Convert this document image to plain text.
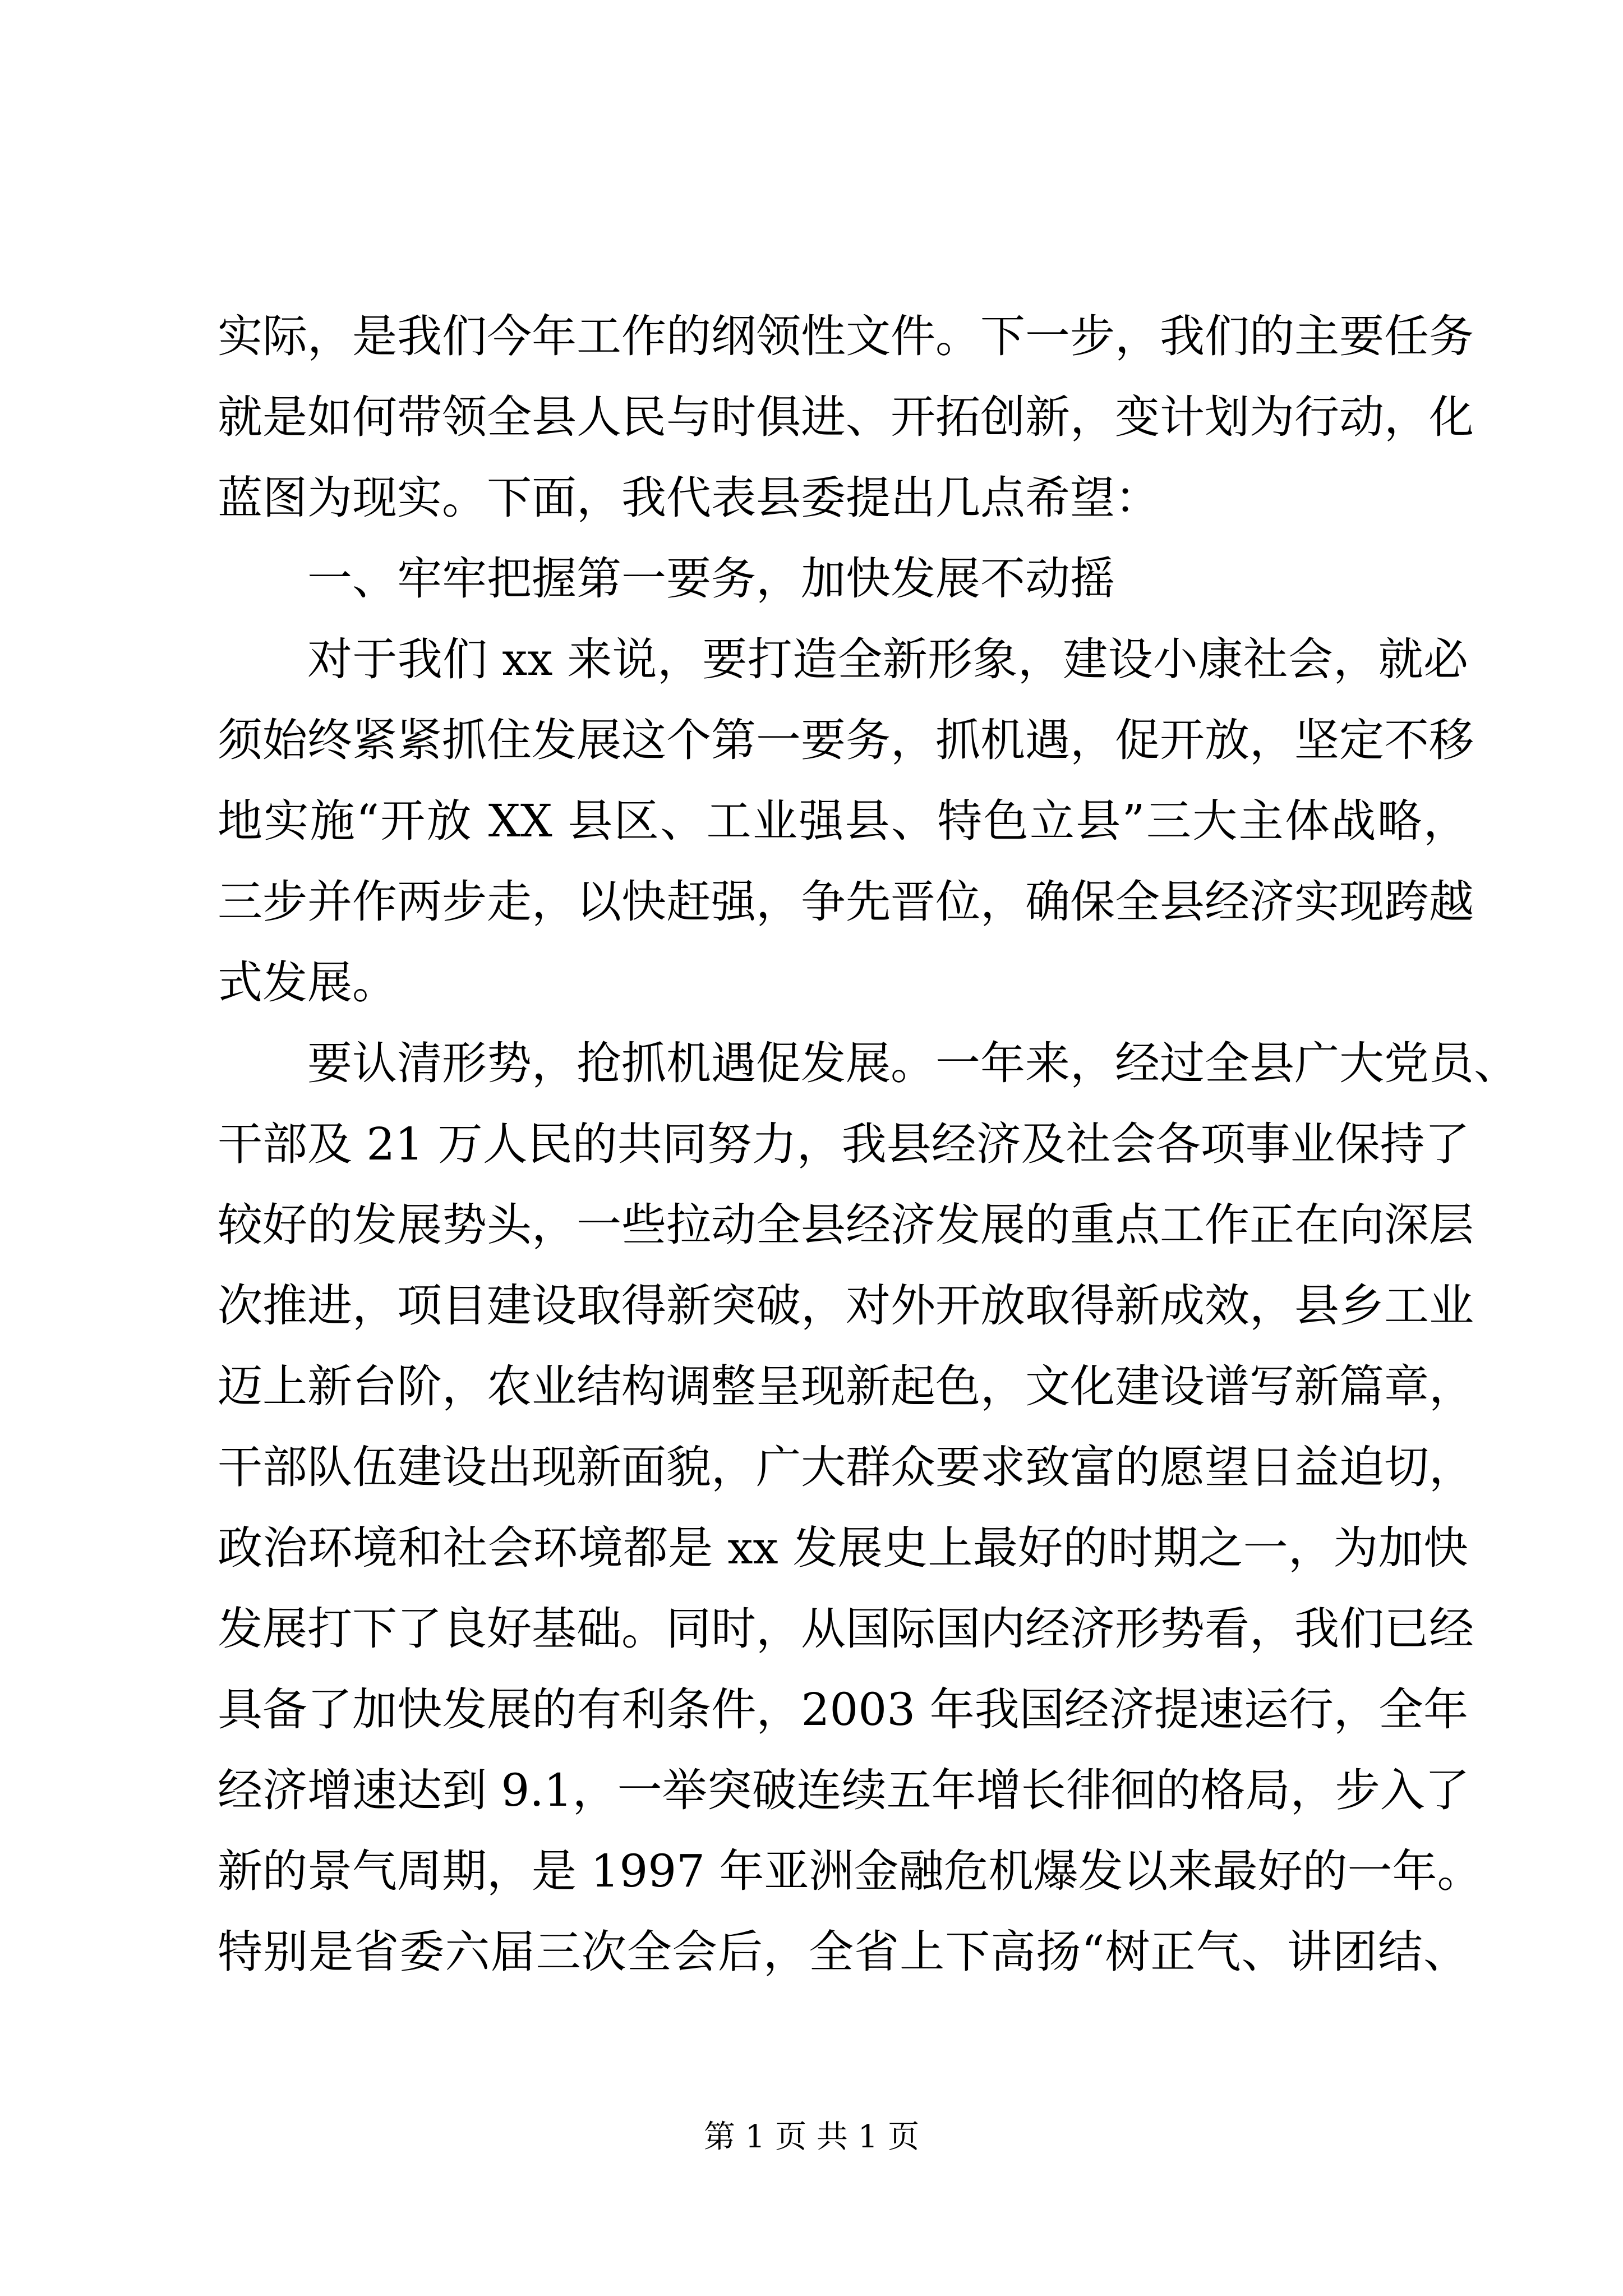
实际，是我们今年工作的纲领性文件。下一步，我们的主要任务
就是如何带领全县人民与时俱进、开拓创新，变计划为行动，化
蓝图为现实。下面，我代表县委提出几点希望：
一、牢牢把握第一要务，加快发展不动摇
对于我们 xx 来说，要打造全新形象，建设小康社会，就必
须始终紧紧抓住发展这个第一要务，抓机遇，促开放，坚定不移
地实施“开放 XX 县区、工业强县、特色立县”三大主体战略，
三步并作两步走，以快赶强，争先晋位，确保全县经济实现跨越
式发展。
要认清形势，抢抓机遇促发展。一年来，经过全县广大党员、
干部及 21 万人民的共同努力，我县经济及社会各项事业保持了
较好的发展势头，一些拉动全县经济发展的重点工作正在向深层
次推进，项目建设取得新突破，对外开放取得新成效，县乡工业
迈上新台阶，农业结构调整呈现新起色，文化建设谱写新篇章，
干部队伍建设出现新面貌，广大群众要求致富的愿望日益迫切，
政治环境和社会环境都是 xx 发展史上最好的时期之一，为加快
发展打下了良好基础。同时，从国际国内经济形势看，我们已经
具备了加快发展的有利条件，2003 年我国经济提速运行，全年
经济增速达到 9.1，一举突破连续五年增长徘徊的格局，步入了
新的景气周期，是 1997 年亚洲金融危机爆发以来最好的一年。
特别是省委六届三次全会后，全省上下高扬“树正气、讲团结、
第 1 页 共 1 页
